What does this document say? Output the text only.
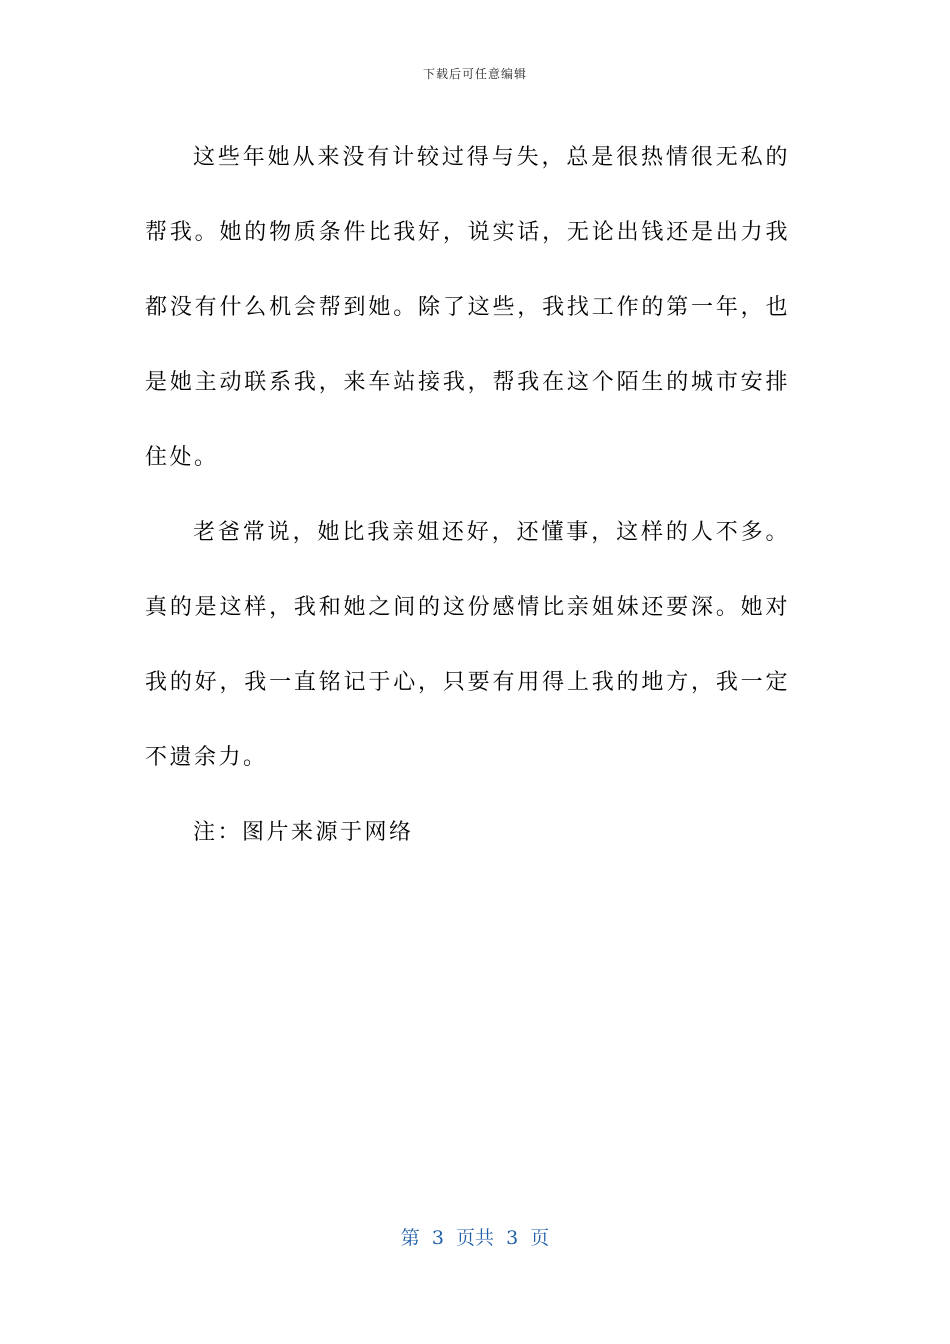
下载后可任意编辑

这些年她从来没有计较过得与失，总是很热情很无私的帮我。她的物质条件比我好，说实话，无论出钱还是出力我都没有什么机会帮到她。除了这些，我找工作的第一年，也是她主动联系我，来车站接我，帮我在这个陌生的城市安排住处。

老爸常说，她比我亲姐还好，还懂事，这样的人不多。真的是这样，我和她之间的这份感情比亲姐妹还要深。她对我的好，我一直铭记于心，只要有用得上我的地方，我一定不遗余力。

注：图片来源于网络

第  3  页共  3  页
